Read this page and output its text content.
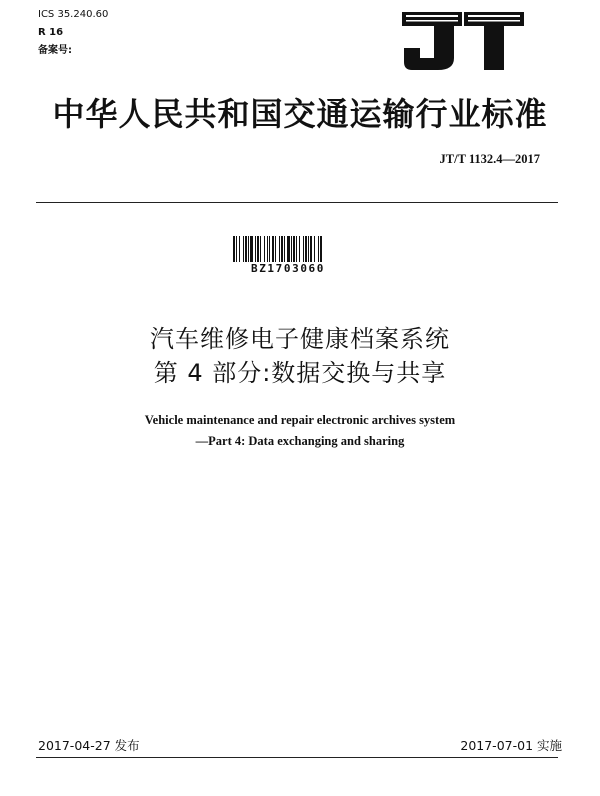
ICS 35.240.60
R 16
备案号:
中华人民共和国交通运输行业标准
JT/T 1132.4—2017
BZ1703060
汽车维修电子健康档案系统
第 4 部分:数据交换与共享
Vehicle maintenance and repair electronic archives system
—Part 4: Data exchanging and sharing
2017-04-27 发布	2017-07-01 实施
